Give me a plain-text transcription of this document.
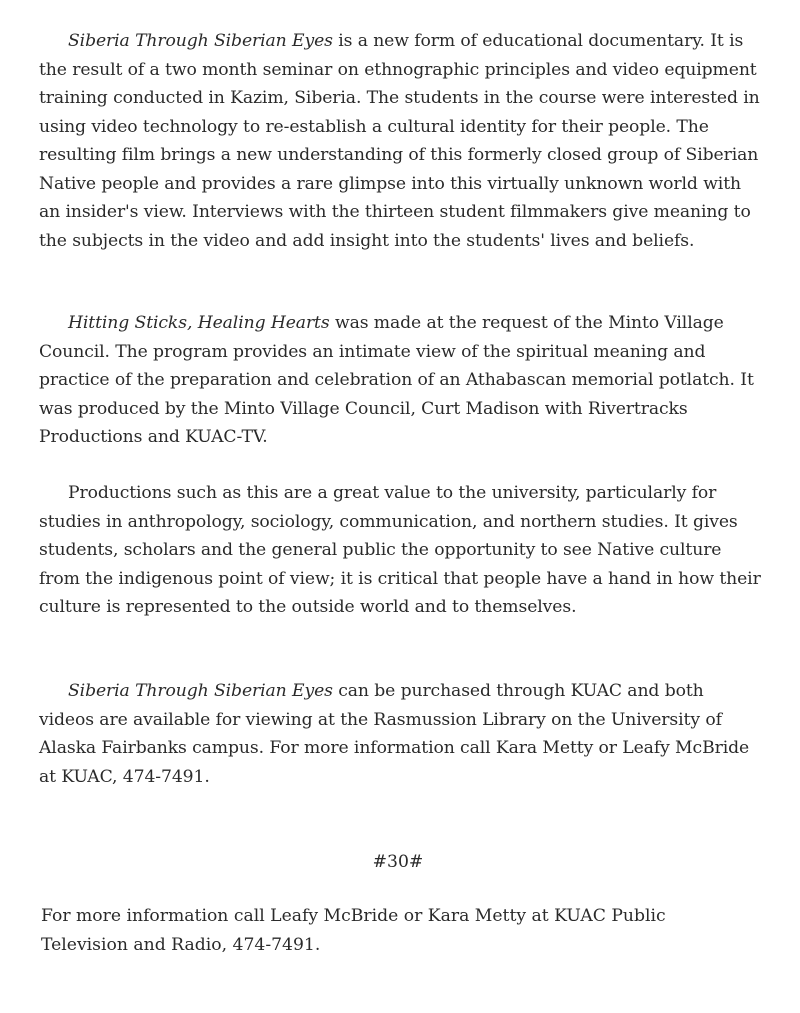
Siberia Through Siberian Eyes is a new form of educational documentary. It is the result of a two month seminar on ethnographic principles and video equipment training conducted in Kazim, Siberia. The students in the course were interested in using video technology to re-establish a cultural identity for their people. The resulting film brings a new understanding of this formerly closed group of Siberian Native people and provides a rare glimpse into this virtually unknown world with an insider's view. Interviews with the thirteen student filmmakers give meaning to the subjects in the video and add insight into the students' lives and beliefs.

Hitting Sticks, Healing Hearts was made at the request of the Minto Village Council. The program provides an intimate view of the spiritual meaning and practice of the preparation and celebration of an Athabascan memorial potlatch. It was produced by the Minto Village Council, Curt Madison with Rivertracks Productions and KUAC-TV.

Productions such as this are a great value to the university, particularly for studies in anthropology, sociology, communication, and northern studies. It gives students, scholars and the general public the opportunity to see Native culture from the indigenous point of view; it is critical that people have a hand in how their culture is represented to the outside world and to themselves.

Siberia Through Siberian Eyes can be purchased through KUAC and both videos are available for viewing at the Rasmussion Library on the University of Alaska Fairbanks campus. For more information call Kara Metty or Leafy McBride at KUAC, 474-7491.

#30#

For more information call Leafy McBride or Kara Metty at KUAC Public Television and Radio, 474-7491.
